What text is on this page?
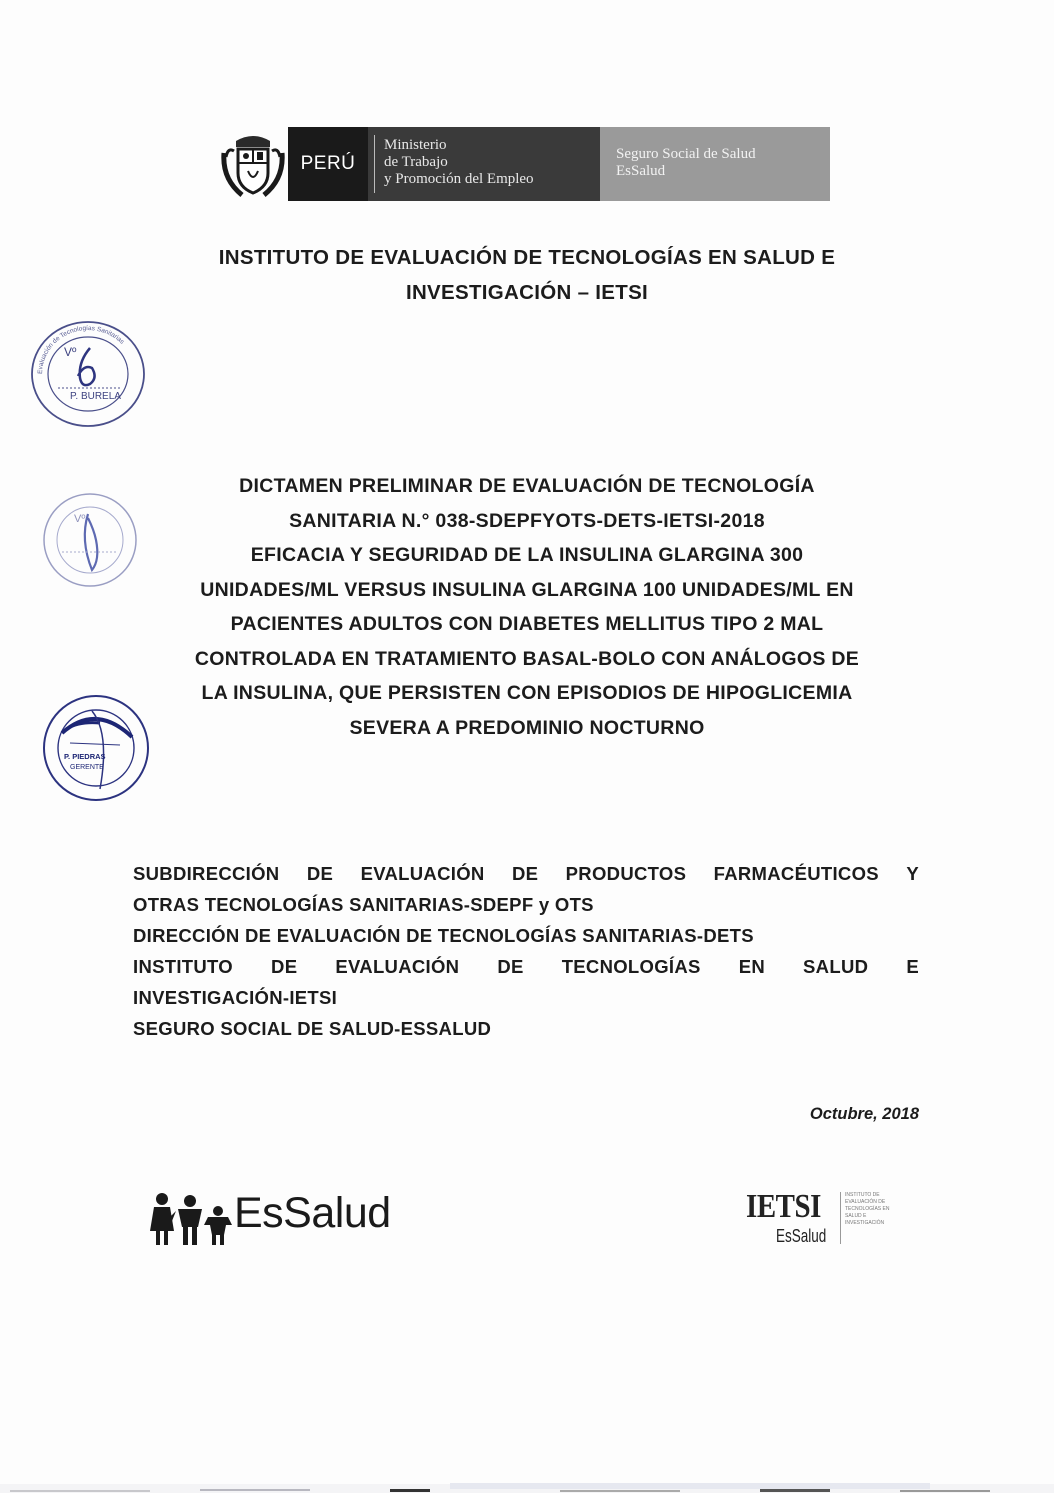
PERÚ
Ministerio
de Trabajo
y Promoción del Empleo
Seguro Social de Salud
EsSalud
INSTITUTO DE EVALUACIÓN DE TECNOLOGÍAS EN SALUD E
INVESTIGACIÓN – IETSI
Vº
P. BURELA
Evaluación de Tecnologías Sanitarias
Vº
P. PIEDRAS
GERENTE
DICTAMEN PRELIMINAR DE EVALUACIÓN DE TECNOLOGÍA
SANITARIA N.° 038-SDEPFYOTS-DETS-IETSI-2018
EFICACIA Y SEGURIDAD DE LA INSULINA GLARGINA 300
UNIDADES/ML VERSUS INSULINA GLARGINA 100 UNIDADES/ML EN
PACIENTES ADULTOS CON DIABETES MELLITUS TIPO 2 MAL
CONTROLADA EN TRATAMIENTO BASAL-BOLO CON ANÁLOGOS DE
LA INSULINA, QUE PERSISTEN CON EPISODIOS DE HIPOGLICEMIA
SEVERA A PREDOMINIO NOCTURNO
SUBDIRECCIÓN DE EVALUACIÓN DE PRODUCTOS FARMACÉUTICOS Y
OTRAS TECNOLOGÍAS SANITARIAS-SDEPF y OTS
DIRECCIÓN DE EVALUACIÓN DE TECNOLOGÍAS SANITARIAS-DETS
INSTITUTO DE EVALUACIÓN DE TECNOLOGÍAS EN SALUD E
INVESTIGACIÓN-IETSI
SEGURO SOCIAL DE SALUD-ESSALUD
Octubre, 2018
EsSalud	IETSI
EsSalud
INSTITUTO DE EVALUACIÓN DE TECNOLOGÍAS EN SALUD E INVESTIGACIÓN
